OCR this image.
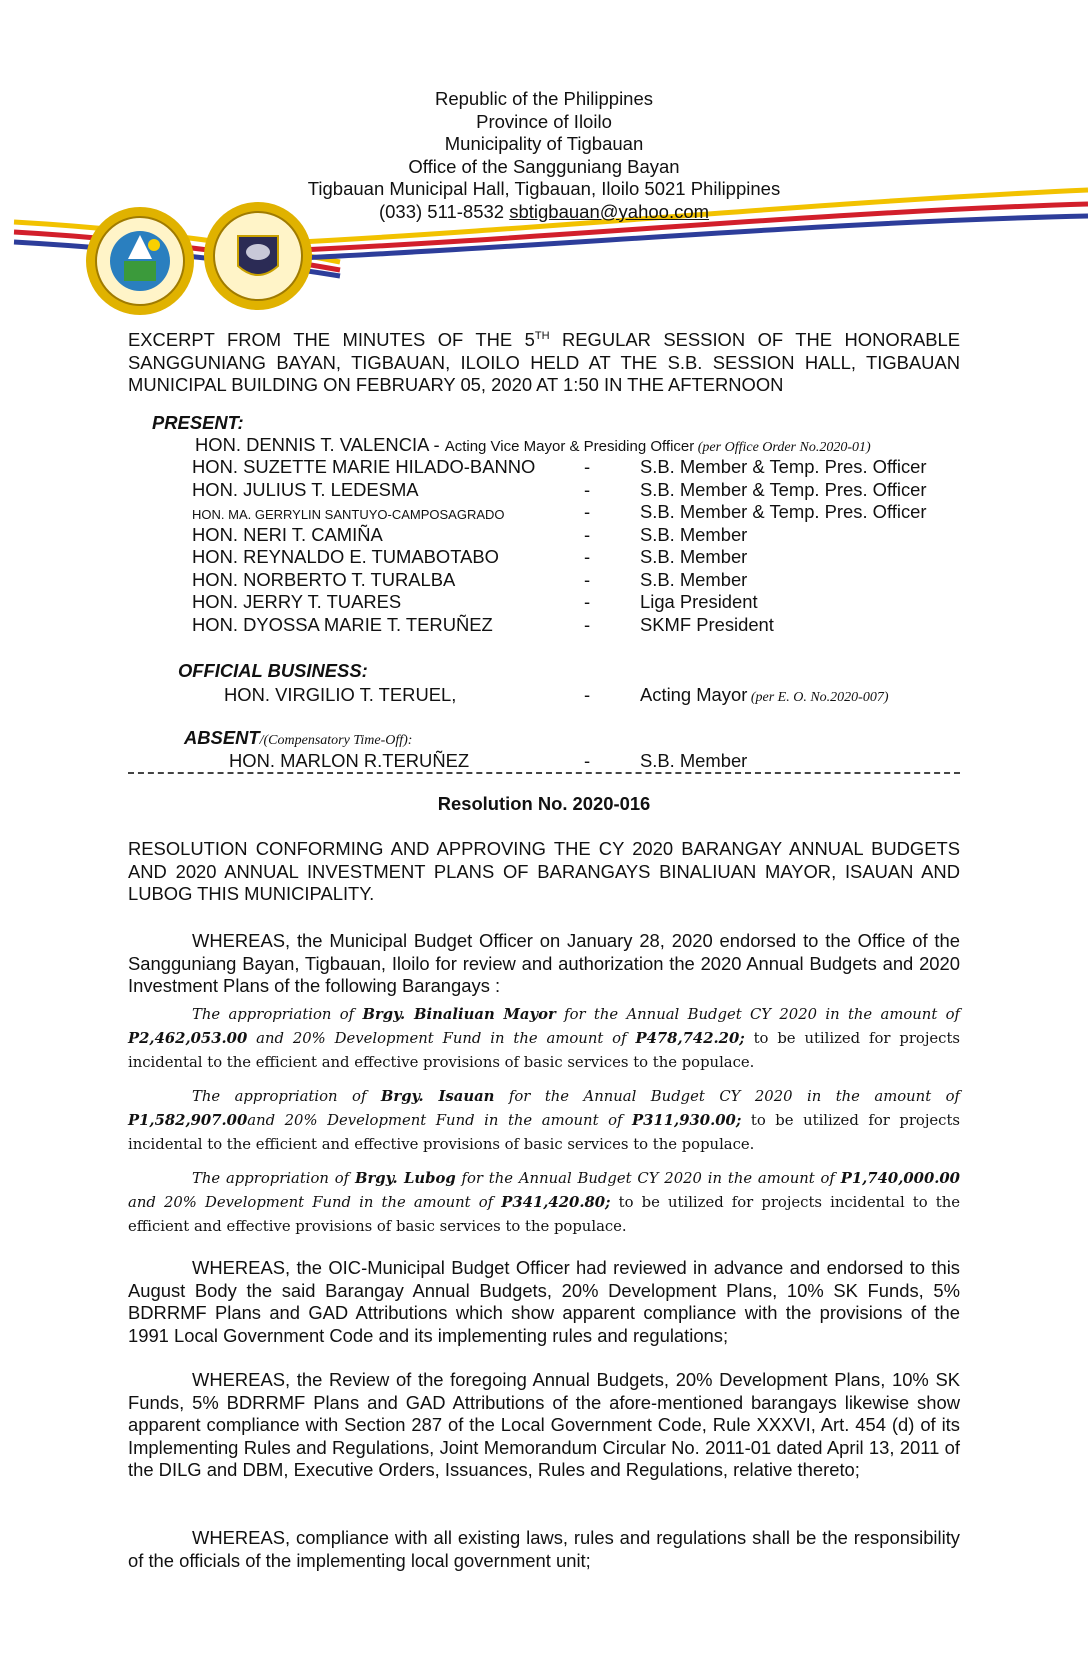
Republic of the Philippines
Province of Iloilo
Municipality of Tigbauan
Office of the Sangguniang Bayan
Tigbauan Municipal Hall, Tigbauan, Iloilo 5021 Philippines
(033) 511-8532 sbtigbauan@yahoo.com
EXCERPT FROM THE MINUTES OF THE 5TH REGULAR SESSION OF THE HONORABLE SANGGUNIANG BAYAN, TIGBAUAN, ILOILO HELD AT THE S.B. SESSION HALL, TIGBAUAN MUNICIPAL BUILDING ON FEBRUARY 05, 2020 AT 1:50 IN THE AFTERNOON
PRESENT:
HON. DENNIS T. VALENCIA - Acting Vice Mayor & Presiding Officer (per Office Order No.2020-01)
HON. SUZETTE MARIE HILADO-BANNO	-	S.B. Member & Temp. Pres. Officer
HON. JULIUS T. LEDESMA	-	S.B. Member & Temp. Pres. Officer
HON. MA. GERRYLIN SANTUYO-CAMPOSAGRADO	-	S.B. Member & Temp. Pres. Officer
HON. NERI T. CAMIÑA	-	S.B. Member
HON. REYNALDO E. TUMABOTABO	-	S.B. Member
HON. NORBERTO T. TURALBA	-	S.B. Member
HON. JERRY T. TUARES	-	Liga President
HON. DYOSSA MARIE T. TERUÑEZ	-	SKMF President
OFFICIAL BUSINESS:
HON. VIRGILIO T. TERUEL,	-	Acting Mayor (per E. O. No.2020-007)
ABSENT/(Compensatory Time-Off):
HON. MARLON R.TERUÑEZ	-	S.B. Member
Resolution No. 2020-016
RESOLUTION CONFORMING AND APPROVING THE CY 2020 BARANGAY ANNUAL BUDGETS AND 2020 ANNUAL INVESTMENT PLANS OF BARANGAYS BINALIUAN MAYOR, ISAUAN AND LUBOG THIS MUNICIPALITY.
WHEREAS, the Municipal Budget Officer on January 28, 2020 endorsed to the Office of the Sangguniang Bayan, Tigbauan, Iloilo for review and authorization the 2020 Annual Budgets and 2020 Investment Plans of the following Barangays :
The appropriation of Brgy. Binaliuan Mayor for the Annual Budget CY 2020 in the amount of P2,462,053.00 and 20% Development Fund in the amount of P478,742.20; to be utilized for projects incidental to the efficient and effective provisions of basic services to the populace.
The appropriation of Brgy. Isauan for the Annual Budget CY 2020 in the amount of P1,582,907.00and 20% Development Fund in the amount of P311,930.00; to be utilized for projects incidental to the efficient and effective provisions of basic services to the populace.
The appropriation of Brgy. Lubog for the Annual Budget CY 2020 in the amount of P1,740,000.00 and 20% Development Fund in the amount of P341,420.80; to be utilized for projects incidental to the efficient and effective provisions of basic services to the populace.
WHEREAS, the OIC-Municipal Budget Officer had reviewed in advance and endorsed to this August Body the said Barangay Annual Budgets, 20% Development Plans, 10% SK Funds, 5% BDRRMF Plans and GAD Attributions which show apparent compliance with the provisions of the 1991 Local Government Code and its implementing rules and regulations;
WHEREAS, the Review of the foregoing Annual Budgets, 20% Development Plans, 10% SK Funds, 5% BDRRMF Plans and GAD Attributions of the afore-mentioned barangays likewise show apparent compliance with Section 287 of the Local Government Code, Rule XXXVI, Art. 454 (d) of its Implementing Rules and Regulations, Joint Memorandum Circular No. 2011-01 dated April 13, 2011 of the DILG and DBM, Executive Orders, Issuances, Rules and Regulations, relative thereto;
WHEREAS, compliance with all existing laws, rules and regulations shall be the responsibility of the officials of the implementing local government unit;
